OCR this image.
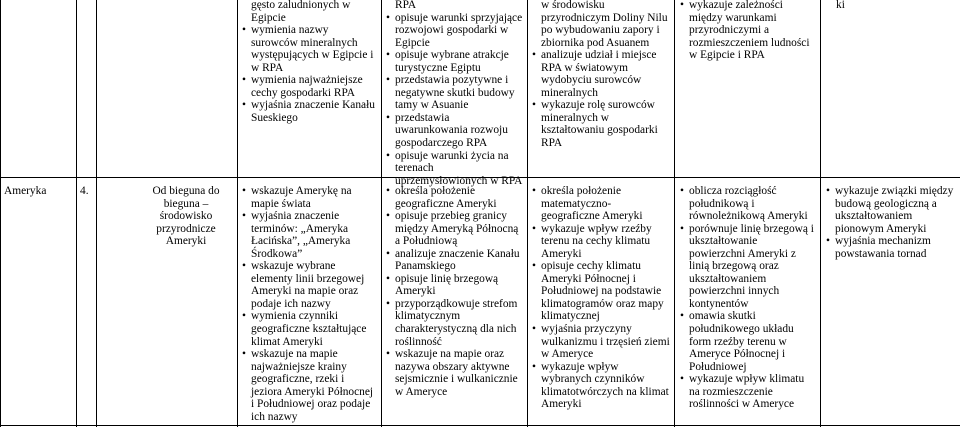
gęsto zaludnionych w Egipcie
• wymienia nazwy surowców mineralnych występujących w Egipcie i w RPA
• wymienia najważniejsze cechy gospodarki RPA
• wyjaśnia znaczenie Kanału Sueskiego
RPA
• opisuje warunki sprzyjające rozwojowi gospodarki w Egipcie
• opisuje wybrane atrakcje turystyczne Egiptu
• przedstawia pozytywne i negatywne skutki budowy tamy w Asuanie
• przedstawia uwarunkowania rozwoju gospodarczego RPA
• opisuje warunki życia na terenach uprzemysłowionych w RPA
w środowisku przyrodniczym Doliny Nilu po wybudowaniu zapory i zbiornika pod Asuanem
• analizuje udział i miejsce RPA w światowym wydobyciu surowców mineralnych
• wykazuje rolę surowców mineralnych w kształtowaniu gospodarki RPA
• wykazuje zależności między warunkami przyrodniczymi a rozmieszczeniem ludności w Egipcie i RPA
ki
Ameryka	4.	Od bieguna do bieguna – środowisko przyrodnicze Ameryki
• wskazuje Amerykę na mapie świata
• wyjaśnia znaczenie terminów: „Ameryka Łacińska”, „Ameryka Środkowa”
• wskazuje wybrane elementy linii brzegowej Ameryki na mapie oraz podaje ich nazwy
• wymienia czynniki geograficzne kształtujące klimat Ameryki
• wskazuje na mapie najważniejsze krainy geograficzne, rzeki i jeziora Ameryki Północnej i Południowej oraz podaje ich nazwy
• określa położenie geograficzne Ameryki
• opisuje przebieg granicy między Ameryką Północną a Południową
• analizuje znaczenie Kanału Panamskiego
• opisuje linię brzegową Ameryki
• przyporządkowuje strefom klimatycznym charakterystyczną dla nich roślinność
• wskazuje na mapie oraz nazywa obszary aktywne sejsmicznie i wulkanicznie w Ameryce
• określa położenie matematyczno-geograficzne Ameryki
• wykazuje wpływ rzeźby terenu na cechy klimatu Ameryki
• opisuje cechy klimatu Ameryki Północnej i Południowej na podstawie klimatogramów oraz mapy klimatycznej
• wyjaśnia przyczyny wulkanizmu i trzęsień ziemi w Ameryce
• wykazuje wpływ wybranych czynników klimatotwórczych na klimat Ameryki
• oblicza rozciągłość południkową i równoleżnikową Ameryki
• porównuje linię brzegową i ukształtowanie powierzchni Ameryki z linią brzegową oraz ukształtowaniem powierzchni innych kontynentów
• omawia skutki południkowego układu form rzeźby terenu w Ameryce Północnej i Południowej
• wykazuje wpływ klimatu na rozmieszczenie roślinności w Ameryce
• wykazuje związki między budową geologiczną a ukształtowaniem pionowym Ameryki
• wyjaśnia mechanizm powstawania tornad
